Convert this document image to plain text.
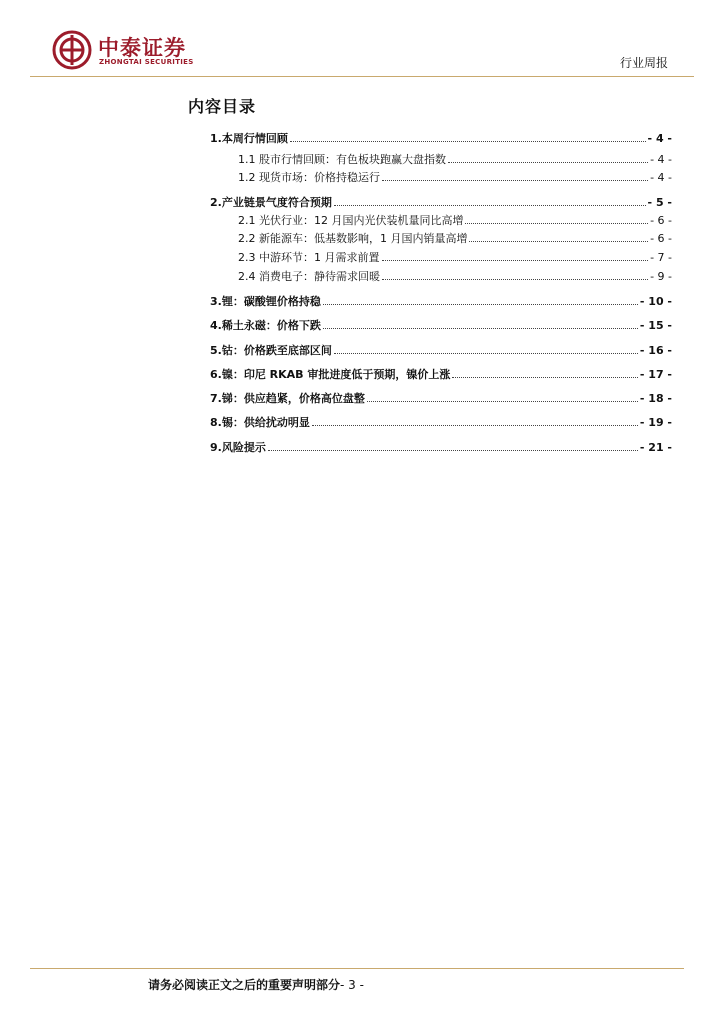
中泰证券
ZHONGTAI SECURITIES	行业周报
内容目录
1.本周行情回顾	- 4 -
1.1 股市行情回顾：有色板块跑赢大盘指数	- 4 -
1.2 现货市场：价格持稳运行	- 4 -
2.产业链景气度符合预期	- 5 -
2.1 光伏行业：12 月国内光伏装机量同比高增	- 6 -
2.2 新能源车：低基数影响，1 月国内销量高增	- 6 -
2.3 中游环节：1 月需求前置	- 7 -
2.4 消费电子：静待需求回暖	- 9 -
3.锂：碳酸锂价格持稳	- 10 -
4.稀土永磁：价格下跌	- 15 -
5.钴：价格跌至底部区间	- 16 -
6.镍：印尼 RKAB 审批进度低于预期，镍价上涨	- 17 -
7.锑：供应趋紧，价格高位盘整	- 18 -
8.锡：供给扰动明显	- 19 -
9.风险提示	- 21 -
请务必阅读正文之后的重要声明部分- 3 -
